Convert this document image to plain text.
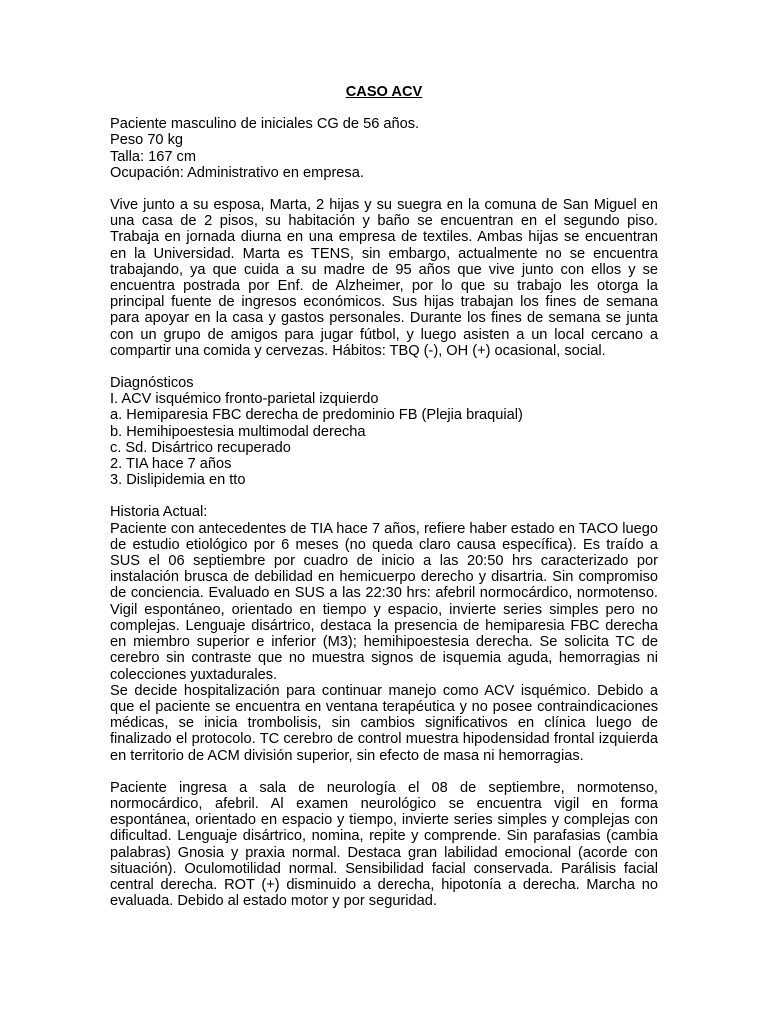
CASO ACV

Paciente masculino de iniciales CG de 56 años.

Peso 70 kg

Talla: 167 cm

Ocupación: Administrativo en empresa.

Vive junto a su esposa, Marta, 2 hijas y su suegra en la comuna de San Miguel en una casa de 2 pisos, su habitación y baño se encuentran en el segundo piso. Trabaja en jornada diurna en una empresa de textiles. Ambas hijas se encuentran en la Universidad. Marta es TENS, sin embargo, actualmente no se encuentra trabajando, ya que cuida a su madre de 95 años que vive junto con ellos y se encuentra postrada por Enf. de Alzheimer, por lo que su trabajo les otorga la principal fuente de ingresos económicos. Sus hijas trabajan los fines de semana para apoyar en la casa y gastos personales. Durante los fines de semana se junta con un grupo de amigos para jugar fútbol, y luego asisten a un local cercano a compartir una comida y cervezas. Hábitos: TBQ (-), OH (+) ocasional, social.

Diagnósticos

I. ACV isquémico fronto-parietal izquierdo

a. Hemiparesia FBC derecha de predominio FB (Plejia braquial)

b. Hemihipoestesia multimodal derecha

c. Sd. Disártrico recuperado

2. TIA hace 7 años

3. Dislipidemia en tto

Historia Actual:

Paciente con antecedentes de TIA hace 7 años, refiere haber estado en TACO luego de estudio etiológico por 6 meses (no queda claro causa específica). Es traído a SUS el 06 septiembre por cuadro de inicio a las 20:50 hrs caracterizado por instalación brusca de debilidad en hemicuerpo derecho y disartria. Sin compromiso de conciencia. Evaluado en SUS a las 22:30 hrs: afebril normocárdico, normotenso. Vigil espontáneo, orientado en tiempo y espacio, invierte series simples pero no complejas. Lenguaje disártrico, destaca la presencia de hemiparesia FBC derecha en miembro superior e inferior (M3); hemihipoestesia derecha. Se solicita TC de cerebro sin contraste que no muestra signos de isquemia aguda, hemorragias ni colecciones yuxtadurales.

Se decide hospitalización para continuar manejo como ACV isquémico. Debido a que el paciente se encuentra en ventana terapéutica y no posee contraindicaciones médicas, se inicia trombolisis, sin cambios significativos en clínica luego de finalizado el protocolo. TC cerebro de control muestra hipodensidad frontal izquierda en territorio de ACM división superior, sin efecto de masa ni hemorragias.

Paciente ingresa a sala de neurología el 08 de septiembre, normotenso, normocárdico, afebril. Al examen neurológico se encuentra vigil en forma espontánea, orientado en espacio y tiempo, invierte series simples y complejas con dificultad. Lenguaje disártrico, nomina, repite y comprende. Sin parafasias (cambia palabras) Gnosia y praxia normal. Destaca gran labilidad emocional (acorde con situación). Oculomotilidad normal. Sensibilidad facial conservada. Parálisis facial central derecha. ROT (+) disminuido a derecha, hipotonía a derecha. Marcha no evaluada. Debido al estado motor y por seguridad.
